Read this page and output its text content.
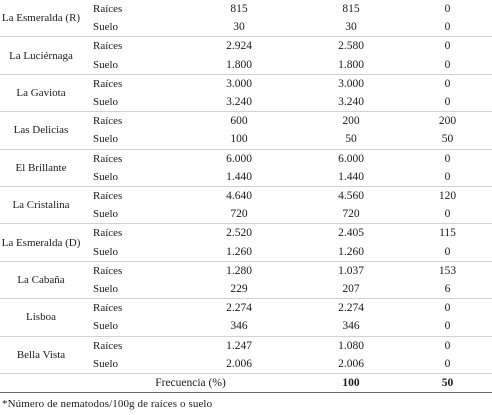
La Esmeralda (R)	Raíces	815	815	0
	Suelo	30	30	0
La Luciérnaga	Raíces	2.924	2.580	0
	Suelo	1.800	1.800	0
La Gaviota	Raíces	3.000	3.000	0
	Suelo	3.240	3.240	0
Las Delicias	Raíces	600	200	200
	Suelo	100	50	50
El Brillante	Raíces	6.000	6.000	0
	Suelo	1.440	1.440	0
La Cristalina	Raíces	4.640	4.560	120
	Suelo	720	720	0
La Esmeralda (D)	Raíces	2.520	2.405	115
	Suelo	1.260	1.260	0
La Cabaña	Raíces	1.280	1.037	153
	Suelo	229	207	6
Lisboa	Raíces	2.274	2.274	0
	Suelo	346	346	0
Bella Vista	Raíces	1.247	1.080	0
	Suelo	2.006	2.006	0
	Frecuencia (%)		100	50
*Número de nematodos/100g de raíces o suelo
